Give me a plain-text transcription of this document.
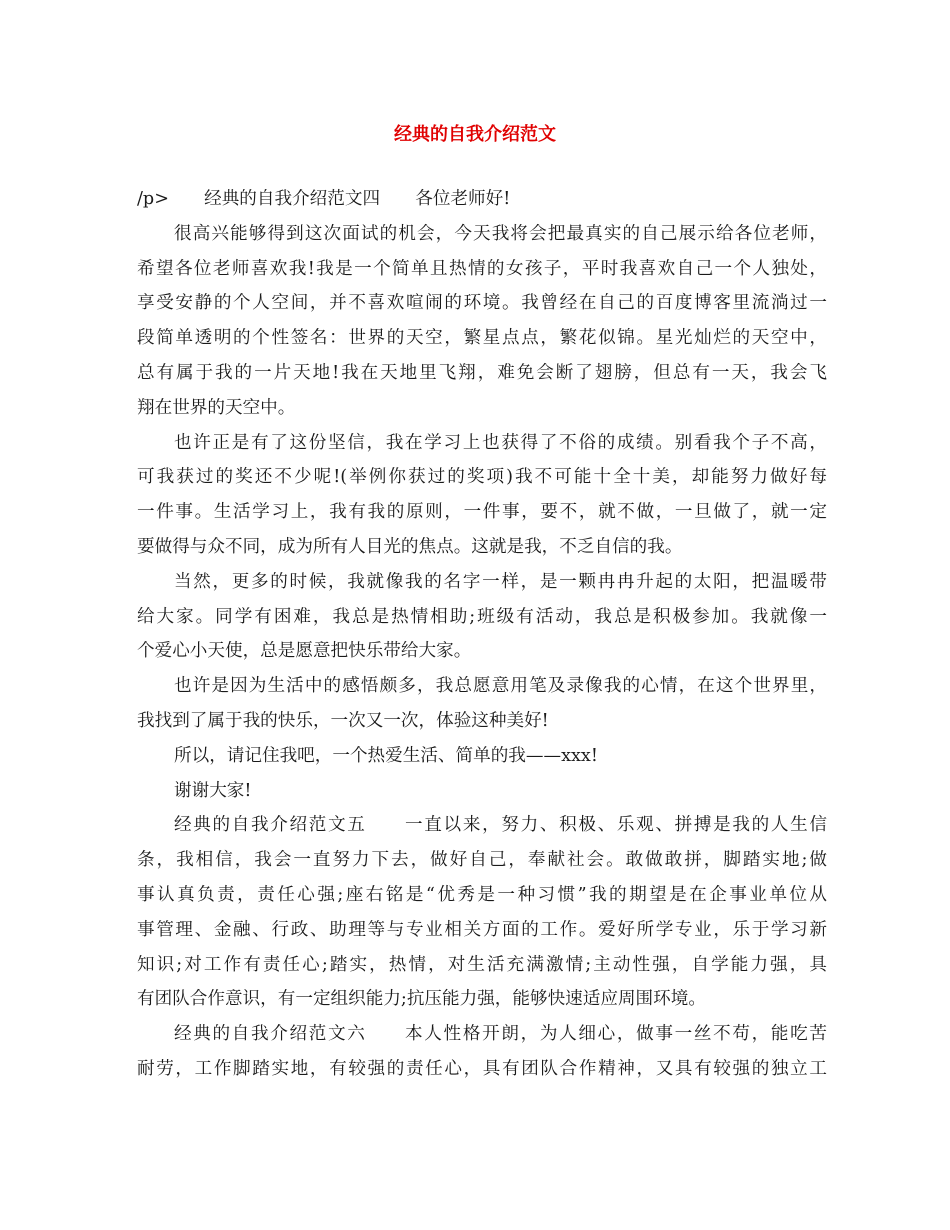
经典的自我介绍范文
/p>　　经典的自我介绍范文四　　各位老师好!
很高兴能够得到这次面试的机会，今天我将会把最真实的自己展示给各位老师，
希望各位老师喜欢我!我是一个简单且热情的女孩子，平时我喜欢自己一个人独处，
享受安静的个人空间，并不喜欢喧闹的环境。我曾经在自己的百度博客里流淌过一
段简单透明的个性签名：世界的天空，繁星点点，繁花似锦。星光灿烂的天空中，
总有属于我的一片天地!我在天地里飞翔，难免会断了翅膀，但总有一天，我会飞
翔在世界的天空中。
也许正是有了这份坚信，我在学习上也获得了不俗的成绩。别看我个子不高，
可我获过的奖还不少呢!(举例你获过的奖项)我不可能十全十美，却能努力做好每
一件事。生活学习上，我有我的原则，一件事，要不，就不做，一旦做了，就一定
要做得与众不同，成为所有人目光的焦点。这就是我，不乏自信的我。
当然，更多的时候，我就像我的名字一样，是一颗冉冉升起的太阳，把温暖带
给大家。同学有困难，我总是热情相助;班级有活动，我总是积极参加。我就像一
个爱心小天使，总是愿意把快乐带给大家。
也许是因为生活中的感悟颇多，我总愿意用笔及录像我的心情，在这个世界里，
我找到了属于我的快乐，一次又一次，体验这种美好!
所以，请记住我吧，一个热爱生活、简单的我——xxx!
谢谢大家!
经典的自我介绍范文五　　一直以来，努力、积极、乐观、拼搏是我的人生信
条，我相信，我会一直努力下去，做好自己，奉献社会。敢做敢拼，脚踏实地;做
事认真负责，责任心强;座右铭是“优秀是一种习惯”我的期望是在企事业单位从
事管理、金融、行政、助理等与专业相关方面的工作。爱好所学专业，乐于学习新
知识;对工作有责任心;踏实，热情，对生活充满激情;主动性强，自学能力强，具
有团队合作意识，有一定组织能力;抗压能力强，能够快速适应周围环境。
经典的自我介绍范文六　　本人性格开朗，为人细心，做事一丝不苟，能吃苦
耐劳，工作脚踏实地，有较强的责任心，具有团队合作精神，又具有较强的独立工
